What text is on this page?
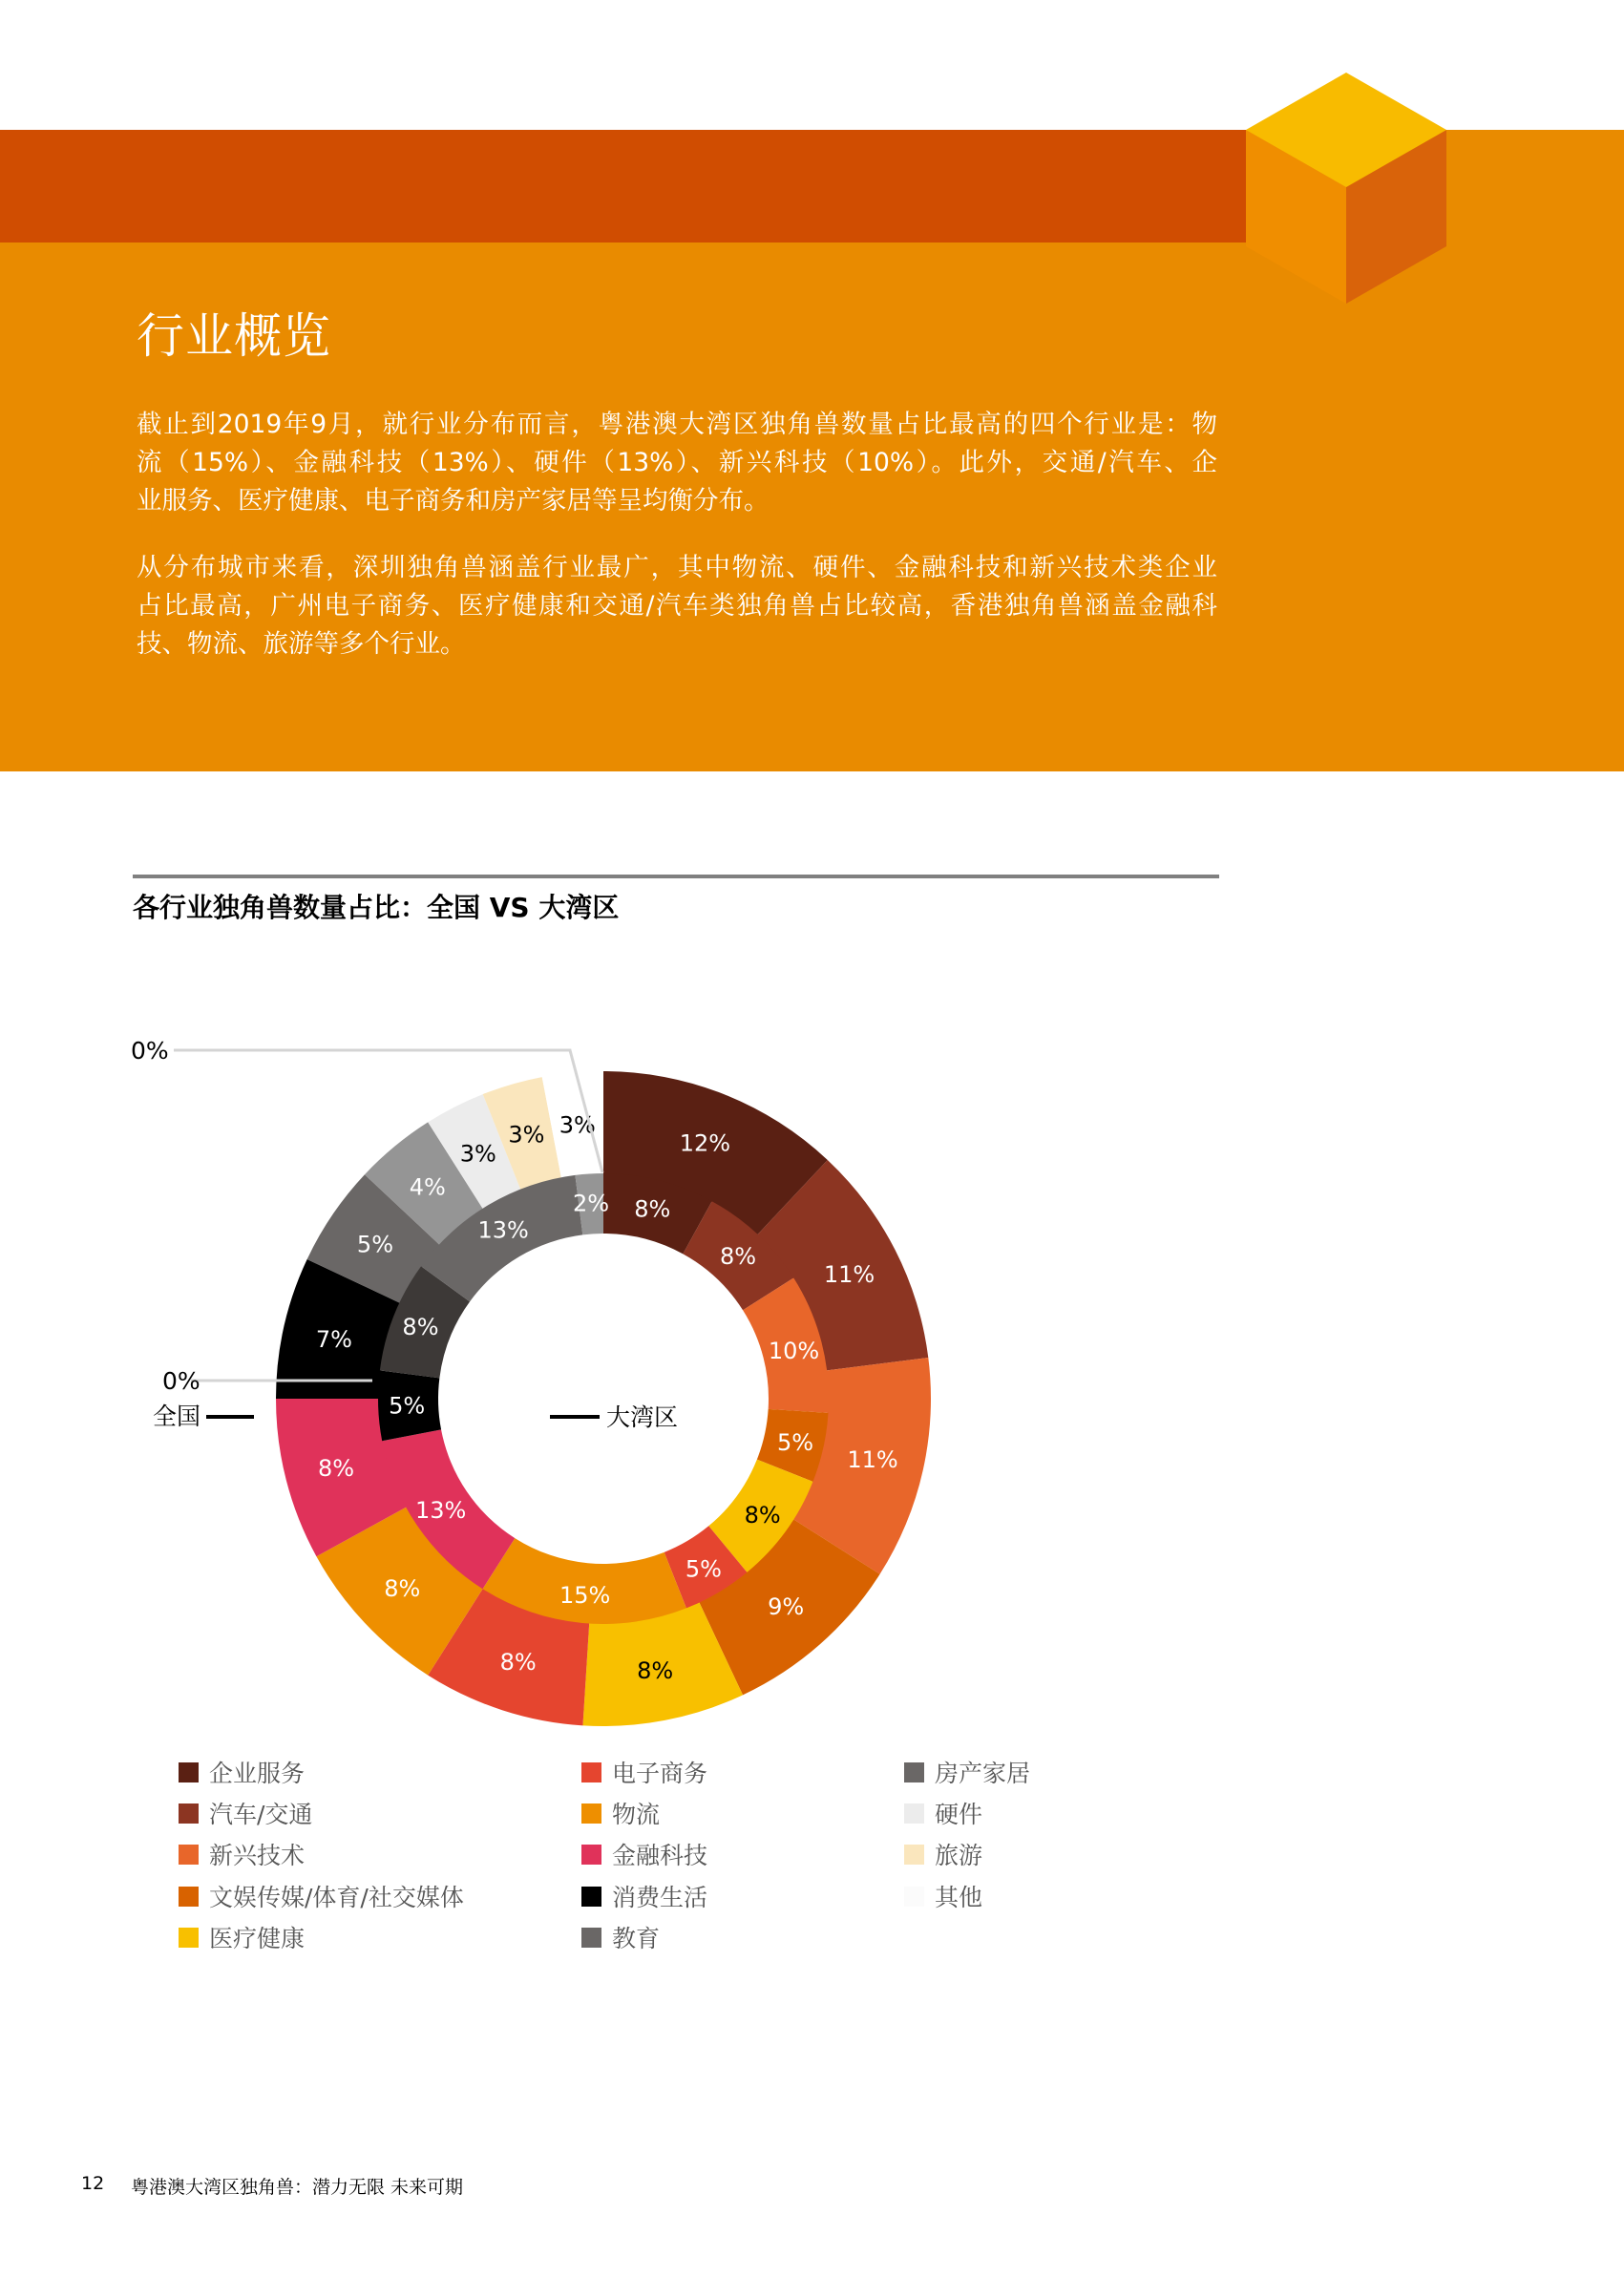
行业概览
截止到2019年9月，就行业分布而言，粤港澳大湾区独角兽数量占比最高的四个行业是：物
流（15%）、金融科技（13%）、硬件（13%）、新兴科技（10%）。此外，交通/汽车、企
业服务、医疗健康、电子商务和房产家居等呈均衡分布。
从分布城市来看，深圳独角兽涵盖行业最广，其中物流、硬件、金融科技和新兴技术类企业
占比最高，广州电子商务、医疗健康和交通/汽车类独角兽占比较高，香港独角兽涵盖金融科
技、物流、旅游等多个行业。
各行业独角兽数量占比：全国 VS 大湾区
12%
11%
11%
9%
8%
8%
8%
8%
7%
5%
4%
3%
3% 3%
8%
8%
10%
5%
8%
5%
15%
13%
5%
8%
13%
2%
0%
0%
全国	大湾区
企业服务
汽车/交通
新兴技术
文娱传媒/体育/社交媒体
医疗健康
电子商务
物流
金融科技
消费生活
教育
房产家居
硬件
旅游
其他
12 粤港澳大湾区独角兽：潜力无限 未来可期
